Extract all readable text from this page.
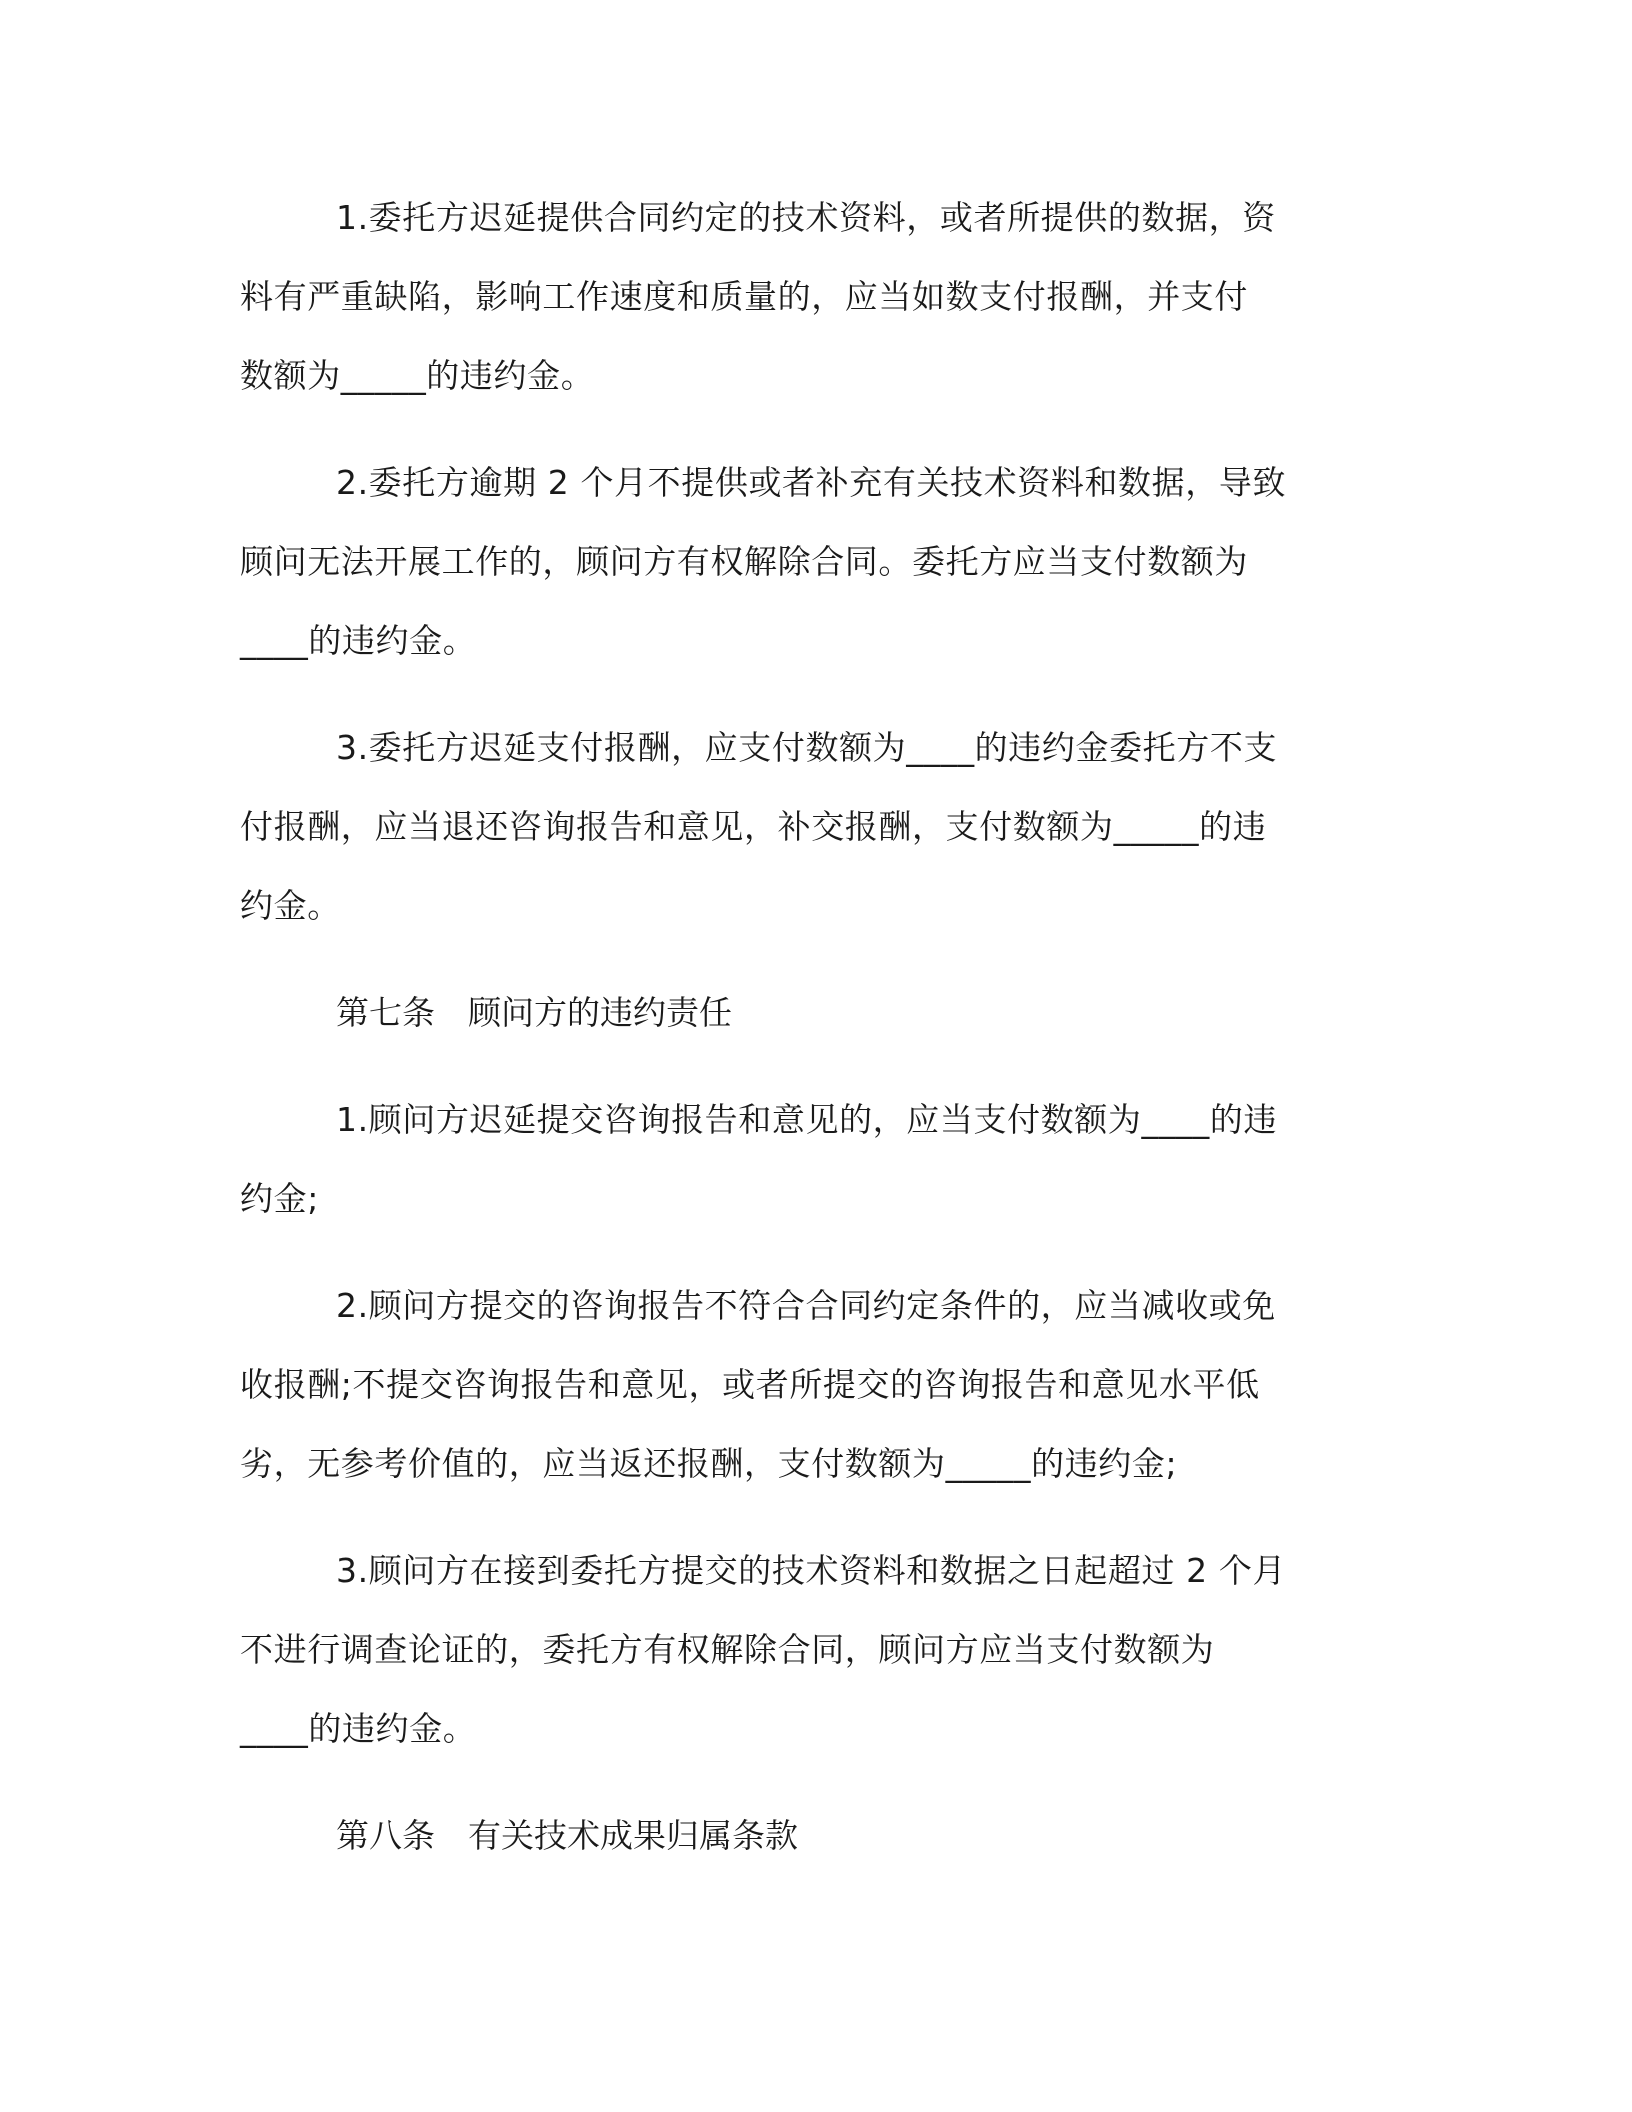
1.委托方迟延提供合同约定的技术资料，或者所提供的数据，资
料有严重缺陷，影响工作速度和质量的，应当如数支付报酬，并支付
数额为_____的违约金。
2.委托方逾期 2 个月不提供或者补充有关技术资料和数据，导致
顾问无法开展工作的，顾问方有权解除合同。委托方应当支付数额为
____的违约金。
3.委托方迟延支付报酬，应支付数额为____的违约金委托方不支
付报酬，应当退还咨询报告和意见，补交报酬，支付数额为_____的违
约金。
第七条　顾问方的违约责任
1.顾问方迟延提交咨询报告和意见的，应当支付数额为____的违
约金;
2.顾问方提交的咨询报告不符合合同约定条件的，应当减收或免
收报酬;不提交咨询报告和意见，或者所提交的咨询报告和意见水平低
劣，无参考价值的，应当返还报酬，支付数额为_____的违约金;
3.顾问方在接到委托方提交的技术资料和数据之日起超过 2 个月
不进行调查论证的，委托方有权解除合同，顾问方应当支付数额为
____的违约金。
第八条　有关技术成果归属条款
